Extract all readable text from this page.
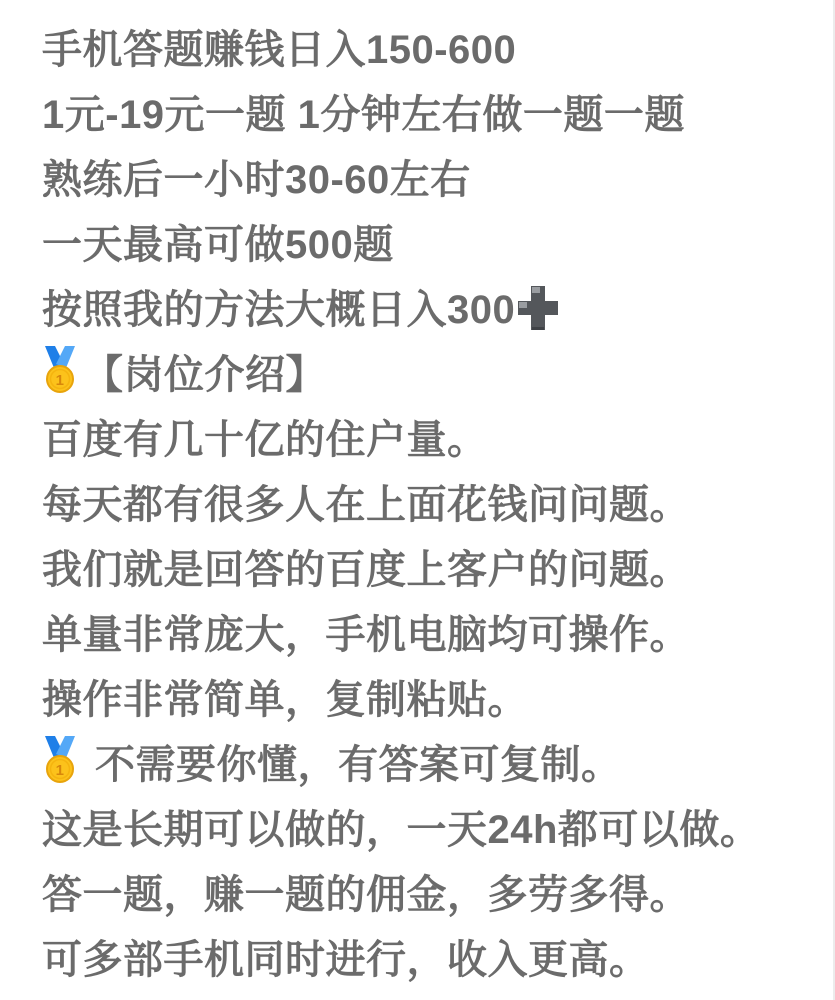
手机答题赚钱日入150-600
1元-19元一题 1分钟左右做一题一题
熟练后一小时30-60左右
一天最高可做500题
按照我的方法大概日入300
1 【岗位介绍】
百度有几十亿的住户量。
每天都有很多人在上面花钱问问题。
我们就是回答的百度上客户的问题。
单量非常庞大，手机电脑均可操作。
操作非常简单，复制粘贴。
1 不需要你懂，有答案可复制。
这是长期可以做的，一天24h都可以做。
答一题，赚一题的佣金，多劳多得。
可多部手机同时进行，收入更高。
